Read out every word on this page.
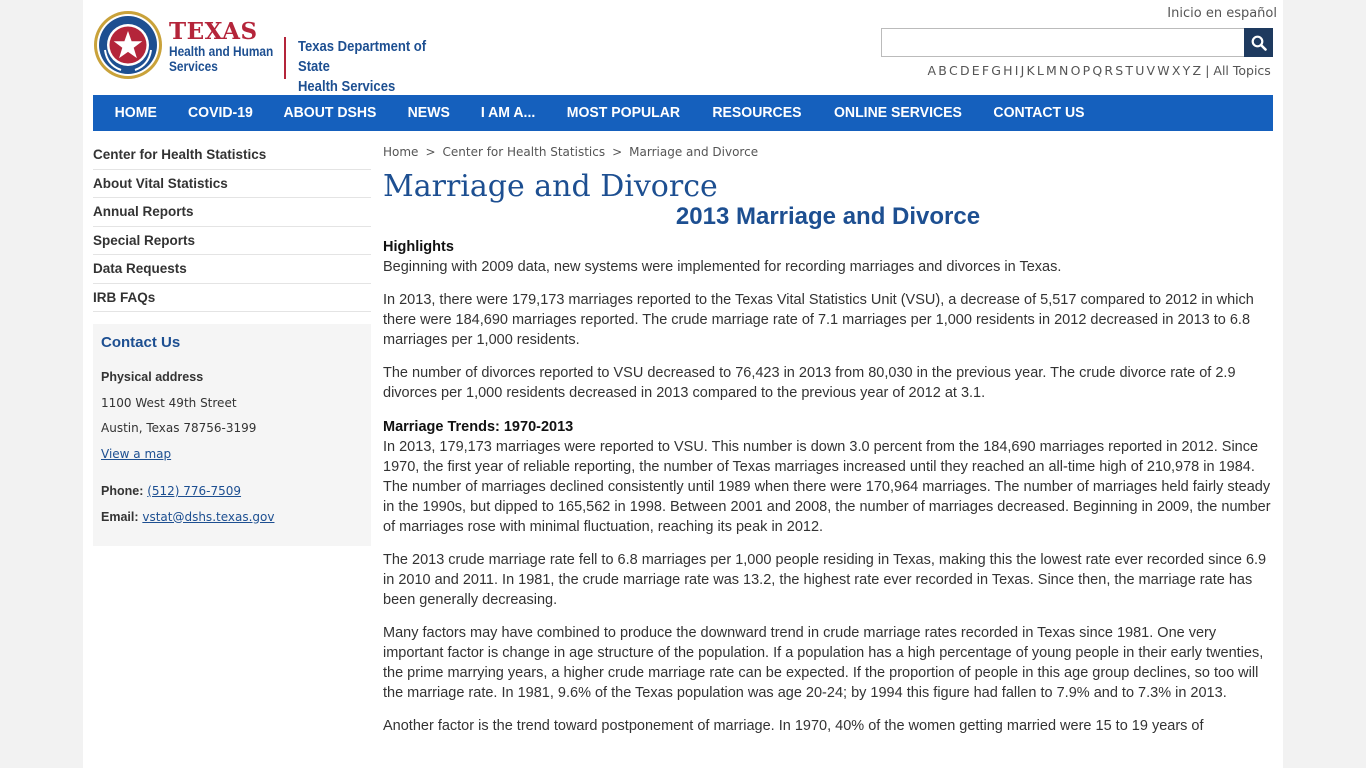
TEXAS
Health and Human
Services
Texas Department of State
Health Services
Inicio en español
A B C D E F G H I J K L M N O P Q R S T U V W X Y Z | All Topics
HOME	COVID-19	ABOUT DSHS	NEWS	I AM A...	MOST POPULAR	RESOURCES	ONLINE SERVICES	CONTACT US
Center for Health Statistics
About Vital Statistics
Annual Reports
Special Reports
Data Requests
IRB FAQs
Contact Us

Physical address

1100 West 49th Street

Austin, Texas 78756-3199

View a map

Phone: (512) 776-7509

Email: vstat@dshs.texas.gov

Home > Center for Health Statistics > Marriage and Divorce
Marriage and Divorce
2013 Marriage and Divorce
Highlights

Beginning with 2009 data, new systems were implemented for recording marriages and divorces in Texas.

In 2013, there were 179,173 marriages reported to the Texas Vital Statistics Unit (VSU), a decrease of 5,517 compared to 2012 in which there were 184,690 marriages reported. The crude marriage rate of 7.1 marriages per 1,000 residents in 2012 decreased in 2013 to 6.8 marriages per 1,000 residents.

The number of divorces reported to VSU decreased to 76,423 in 2013 from 80,030 in the previous year. The crude divorce rate of 2.9 divorces per 1,000 residents decreased in 2013 compared to the previous year of 2012 at 3.1.

Marriage Trends: 1970-2013

In 2013, 179,173 marriages were reported to VSU. This number is down 3.0 percent from the 184,690 marriages reported in 2012. Since 1970, the first year of reliable reporting, the number of Texas marriages increased until they reached an all-time high of 210,978 in 1984. The number of marriages declined consistently until 1989 when there were 170,964 marriages. The number of marriages held fairly steady in the 1990s, but dipped to 165,562 in 1998. Between 2001 and 2008, the number of marriages decreased. Beginning in 2009, the number of marriages rose with minimal fluctuation, reaching its peak in 2012.

The 2013 crude marriage rate fell to 6.8 marriages per 1,000 people residing in Texas, making this the lowest rate ever recorded since 6.9 in 2010 and 2011. In 1981, the crude marriage rate was 13.2, the highest rate ever recorded in Texas. Since then, the marriage rate has been generally decreasing.

Many factors may have combined to produce the downward trend in crude marriage rates recorded in Texas since 1981. One very important factor is change in age structure of the population. If a population has a high percentage of young people in their early twenties, the prime marrying years, a higher crude marriage rate can be expected. If the proportion of people in this age group declines, so too will the marriage rate. In 1981, 9.6% of the Texas population was age 20-24; by 1994 this figure had fallen to 7.9% and to 7.3% in 2013.

Another factor is the trend toward postponement of marriage. In 1970, 40% of the women getting married were 15 to 19 years of
